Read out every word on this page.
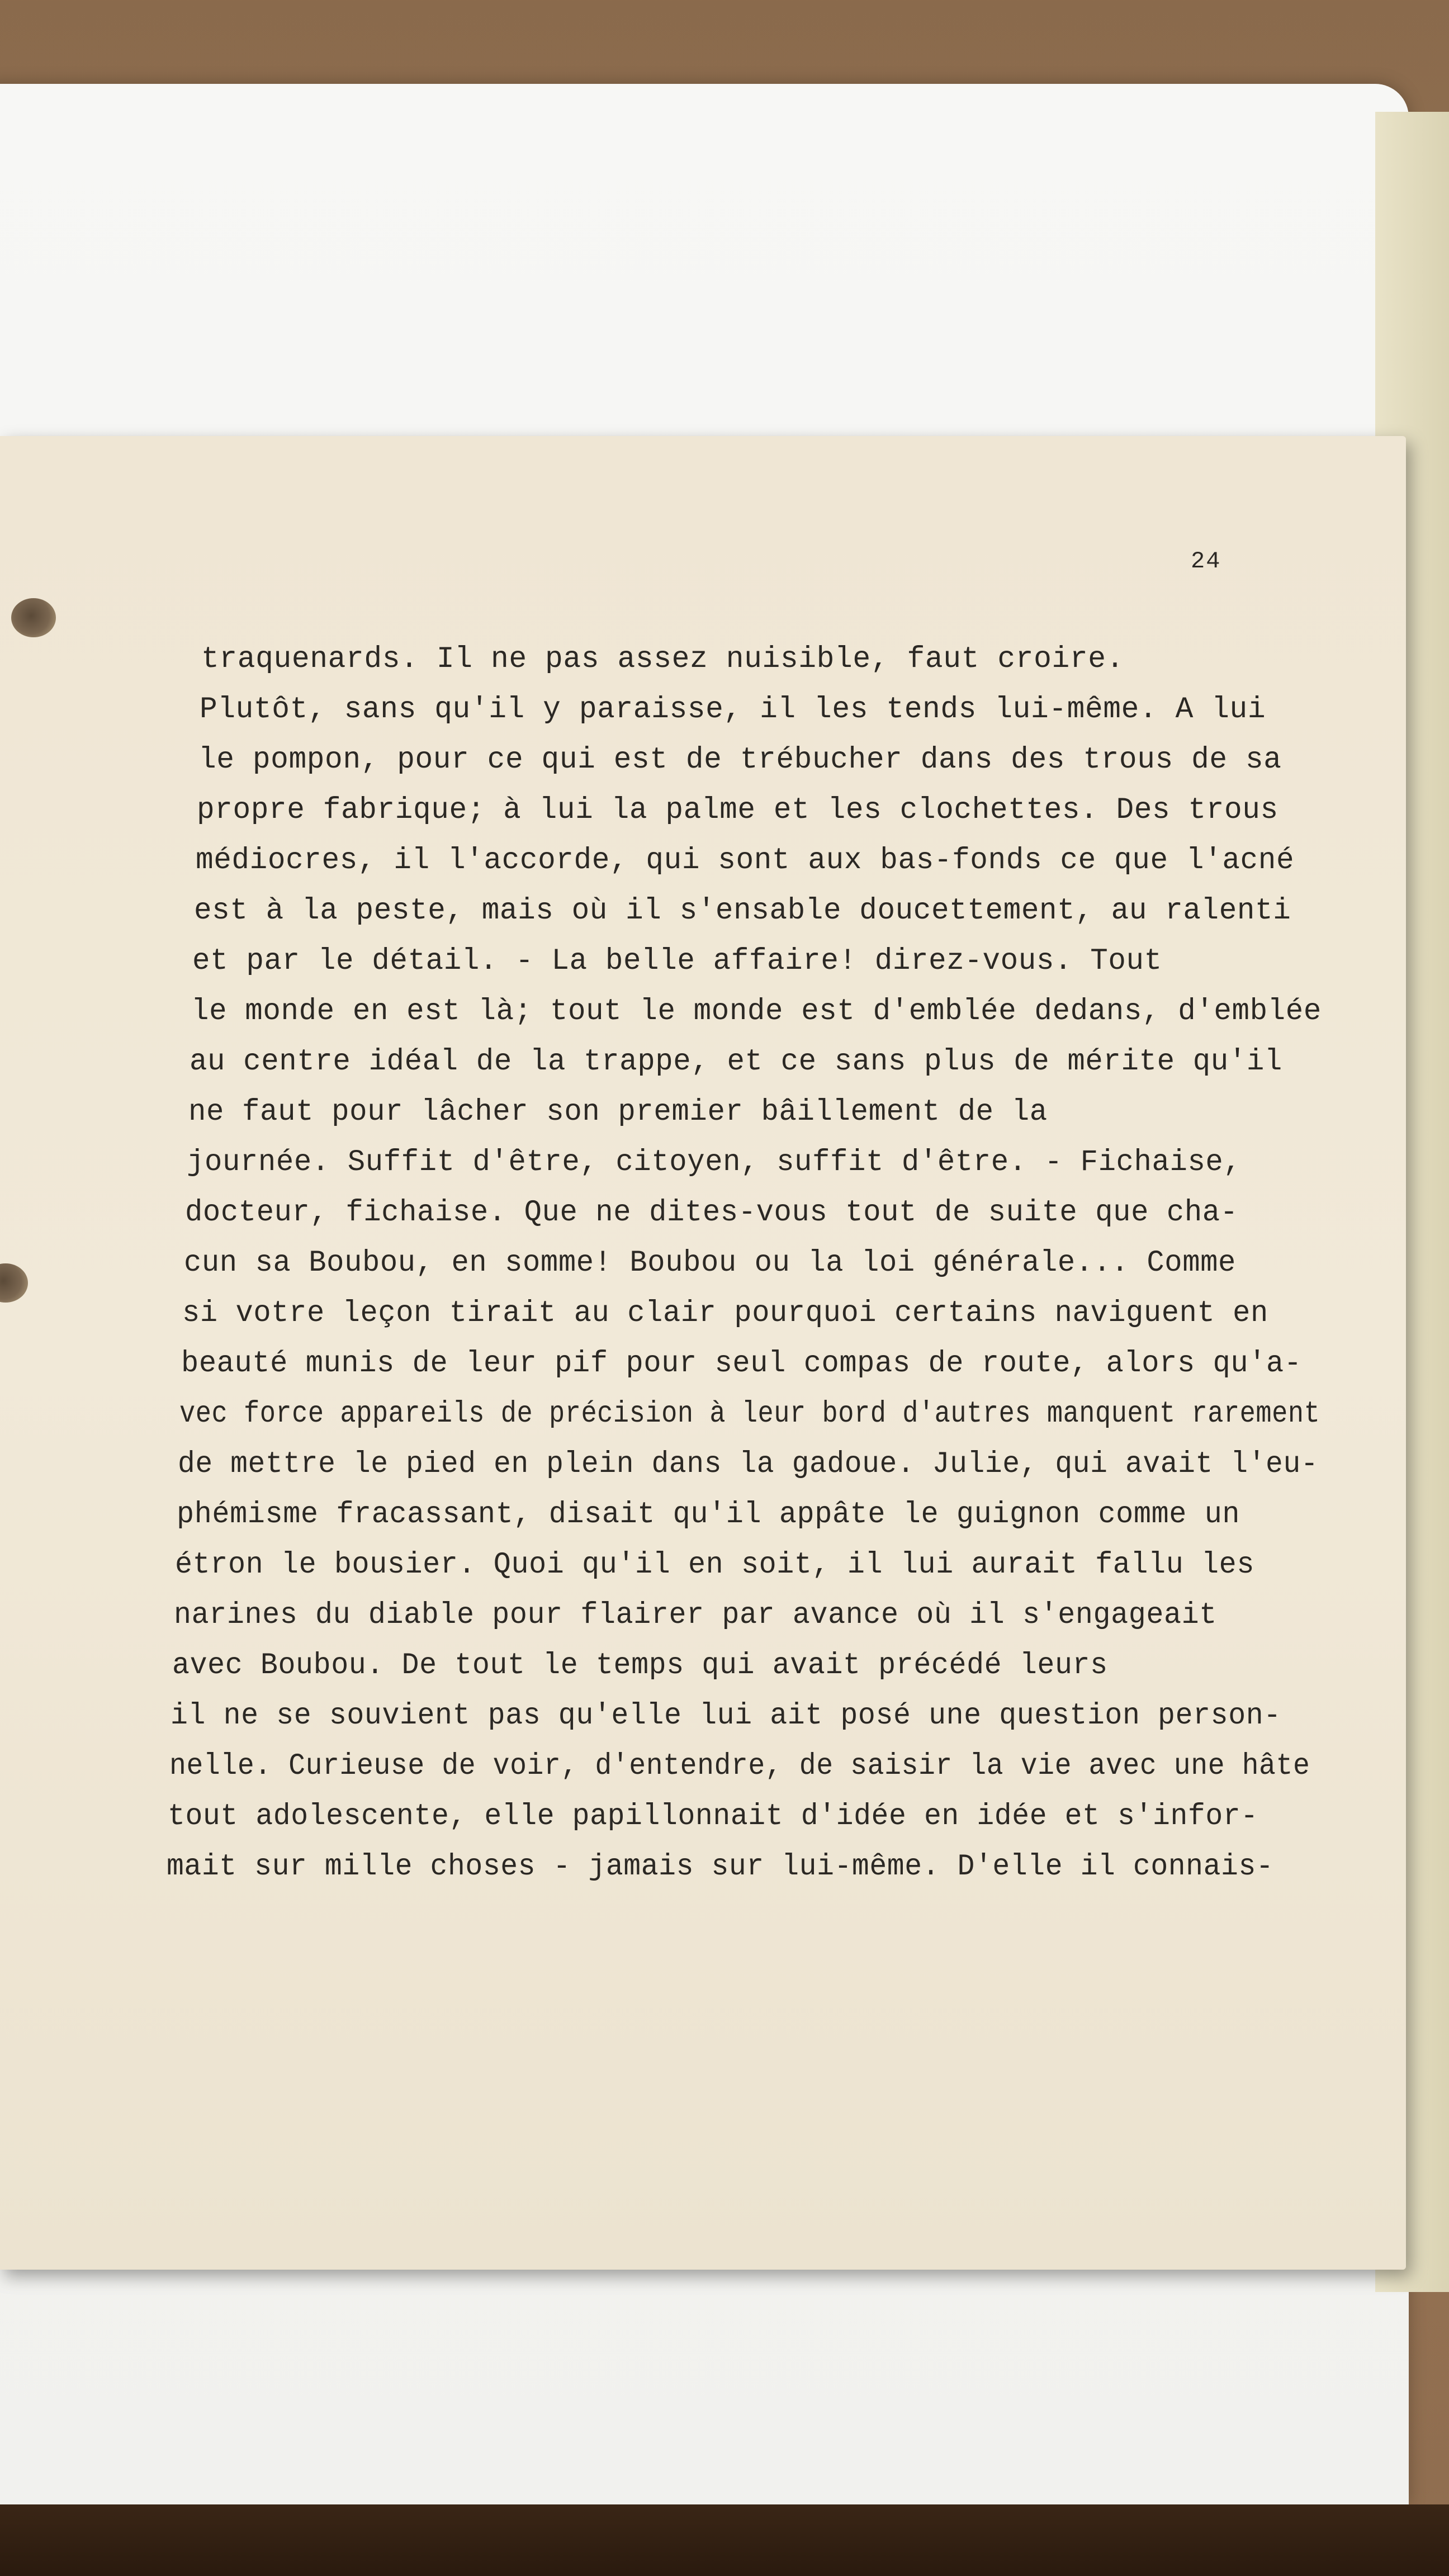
24
traquenards. Il ne pas assez nuisible, faut croire.
Plutôt, sans qu'il y paraisse, il les tends lui-même. A lui
le pompon, pour ce qui est de trébucher dans des trous de sa
propre fabrique; à lui la palme et les clochettes. Des trous
médiocres, il l'accorde, qui sont aux bas-fonds ce que l'acné
est à la peste, mais où il s'ensable doucettement, au ralenti
et par le détail. - La belle affaire! direz-vous. Tout
le monde en est là; tout le monde est d'emblée dedans, d'emblée
au centre idéal de la trappe, et ce sans plus de mérite qu'il
ne faut pour lâcher son premier bâillement de la
journée. Suffit d'être, citoyen, suffit d'être. - Fichaise,
docteur, fichaise. Que ne dites-vous tout de suite que cha-
cun sa Boubou, en somme! Boubou ou la loi générale... Comme
si votre leçon tirait au clair pourquoi certains naviguent en
beauté munis de leur pif pour seul compas de route, alors qu'a-
vec force appareils de précision à leur bord d'autres manquent rarement
de mettre le pied en plein dans la gadoue. Julie, qui avait l'eu-
phémisme fracassant, disait qu'il appâte le guignon comme un
étron le bousier. Quoi qu'il en soit, il lui aurait fallu les
narines du diable pour flairer par avance où il s'engageait
avec Boubou. De tout le temps qui avait précédé leurs
il ne se souvient pas qu'elle lui ait posé une question person-
nelle. Curieuse de voir, d'entendre, de saisir la vie avec une hâte
tout adolescente, elle papillonnait d'idée en idée et s'infor-
mait sur mille choses - jamais sur lui-même. D'elle il connais-
